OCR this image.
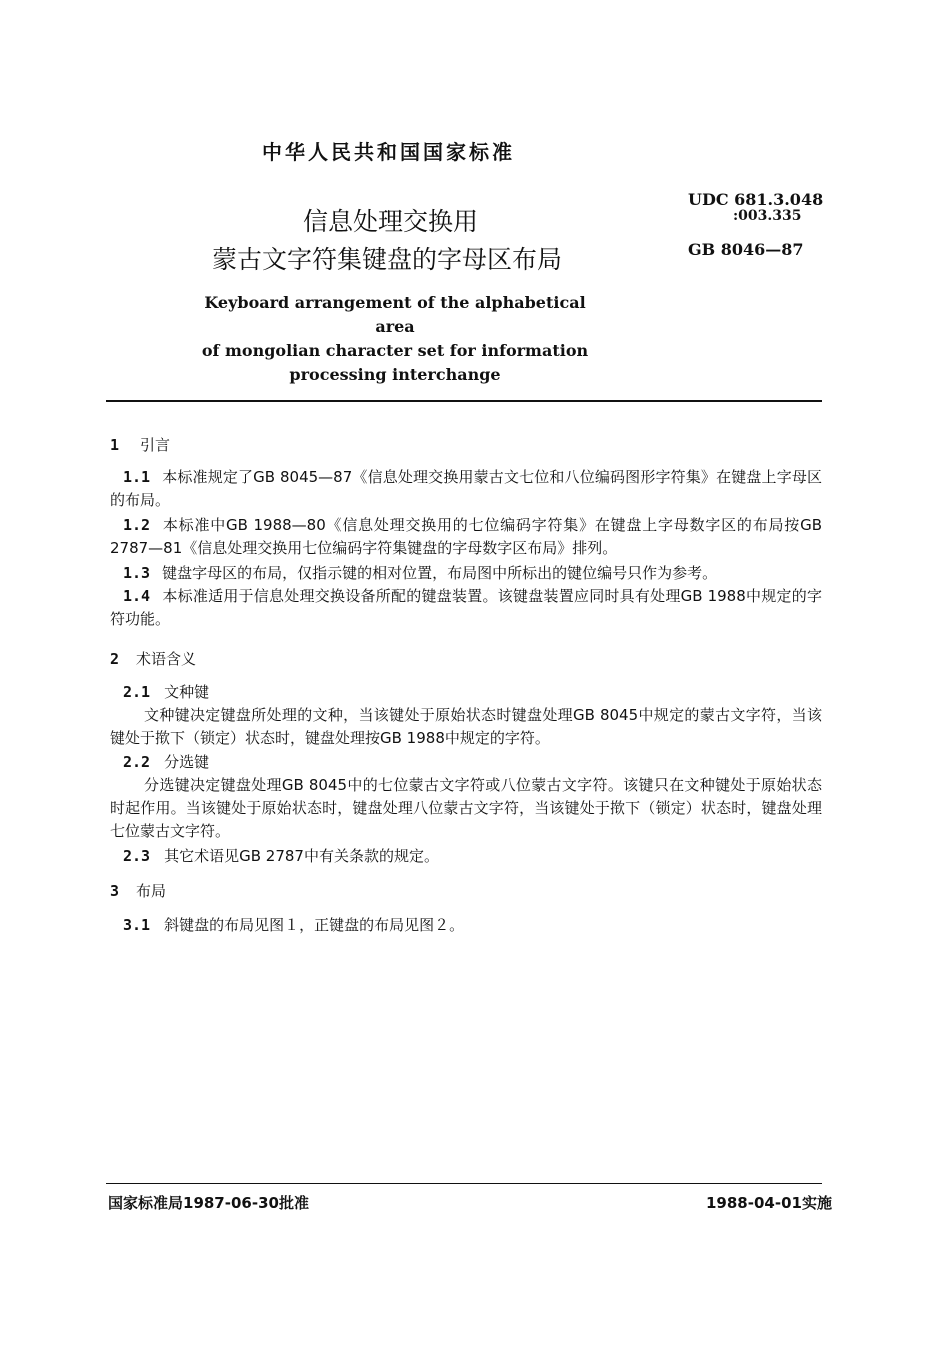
中华人民共和国国家标准
信息处理交换用
蒙古文字符集键盘的字母区布局
UDC 681.3.048
:003.335
GB 8046—87
Keyboard arrangement of the alphabetical area
of mongolian character set for information
processing interchange
1 引言
1.1 本标准规定了GB 8045—87《信息处理交换用蒙古文七位和八位编码图形字符集》在键盘上字母区的布局。
1.2 本标准中GB 1988—80《信息处理交换用的七位编码字符集》在键盘上字母数字区的布局按GB 2787—81《信息处理交换用七位编码字符集键盘的字母数字区布局》排列。
1.3 键盘字母区的布局，仅指示键的相对位置，布局图中所标出的键位编号只作为参考。
1.4 本标准适用于信息处理交换设备所配的键盘装置。该键盘装置应同时具有处理GB 1988中规定的字符功能。
2 术语含义
2.1 文种键
文种键决定键盘所处理的文种，当该键处于原始状态时键盘处理GB 8045中规定的蒙古文字符，当该键处于揿下（锁定）状态时，键盘处理按GB 1988中规定的字符。
2.2 分选键
分选键决定键盘处理GB 8045中的七位蒙古文字符或八位蒙古文字符。该键只在文种键处于原始状态时起作用。当该键处于原始状态时，键盘处理八位蒙古文字符，当该键处于揿下（锁定）状态时，键盘处理七位蒙古文字符。
2.3 其它术语见GB 2787中有关条款的规定。
3 布局
3.1 斜键盘的布局见图１，正键盘的布局见图２。
国家标准局1987-06-30批准	1988-04-01实施
